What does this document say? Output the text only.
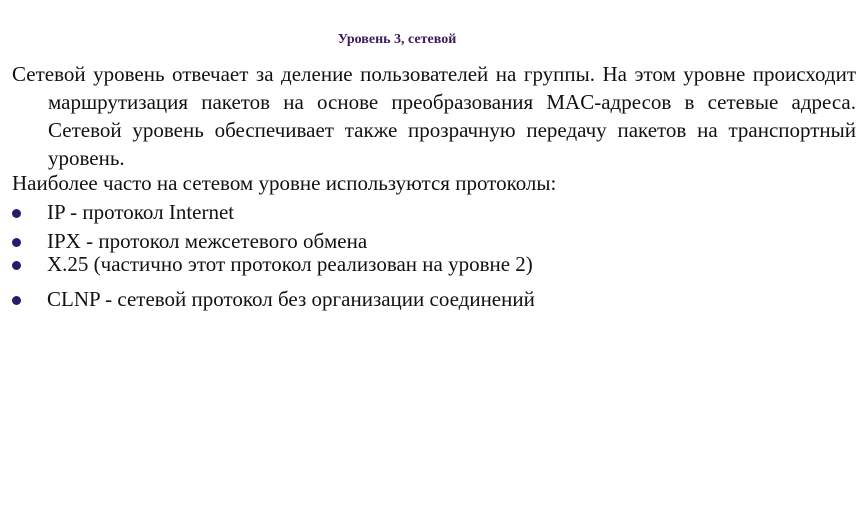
Уровень 3, сетевой

Сетевой уровень отвечает за деление пользователей на группы. На этом уровне происходит маршрутизация пакетов на основе преобразования MAC-адресов в сетевые адреса. Сетевой уровень обеспечивает также прозрачную передачу пакетов на транспортный уровень.

Наиболее часто на сетевом уровне используются протоколы:

IP - протокол Internet
IPX - протокол межсетевого обмена
X.25 (частично этот протокол реализован на уровне 2)
CLNP - сетевой протокол без организации соединений
